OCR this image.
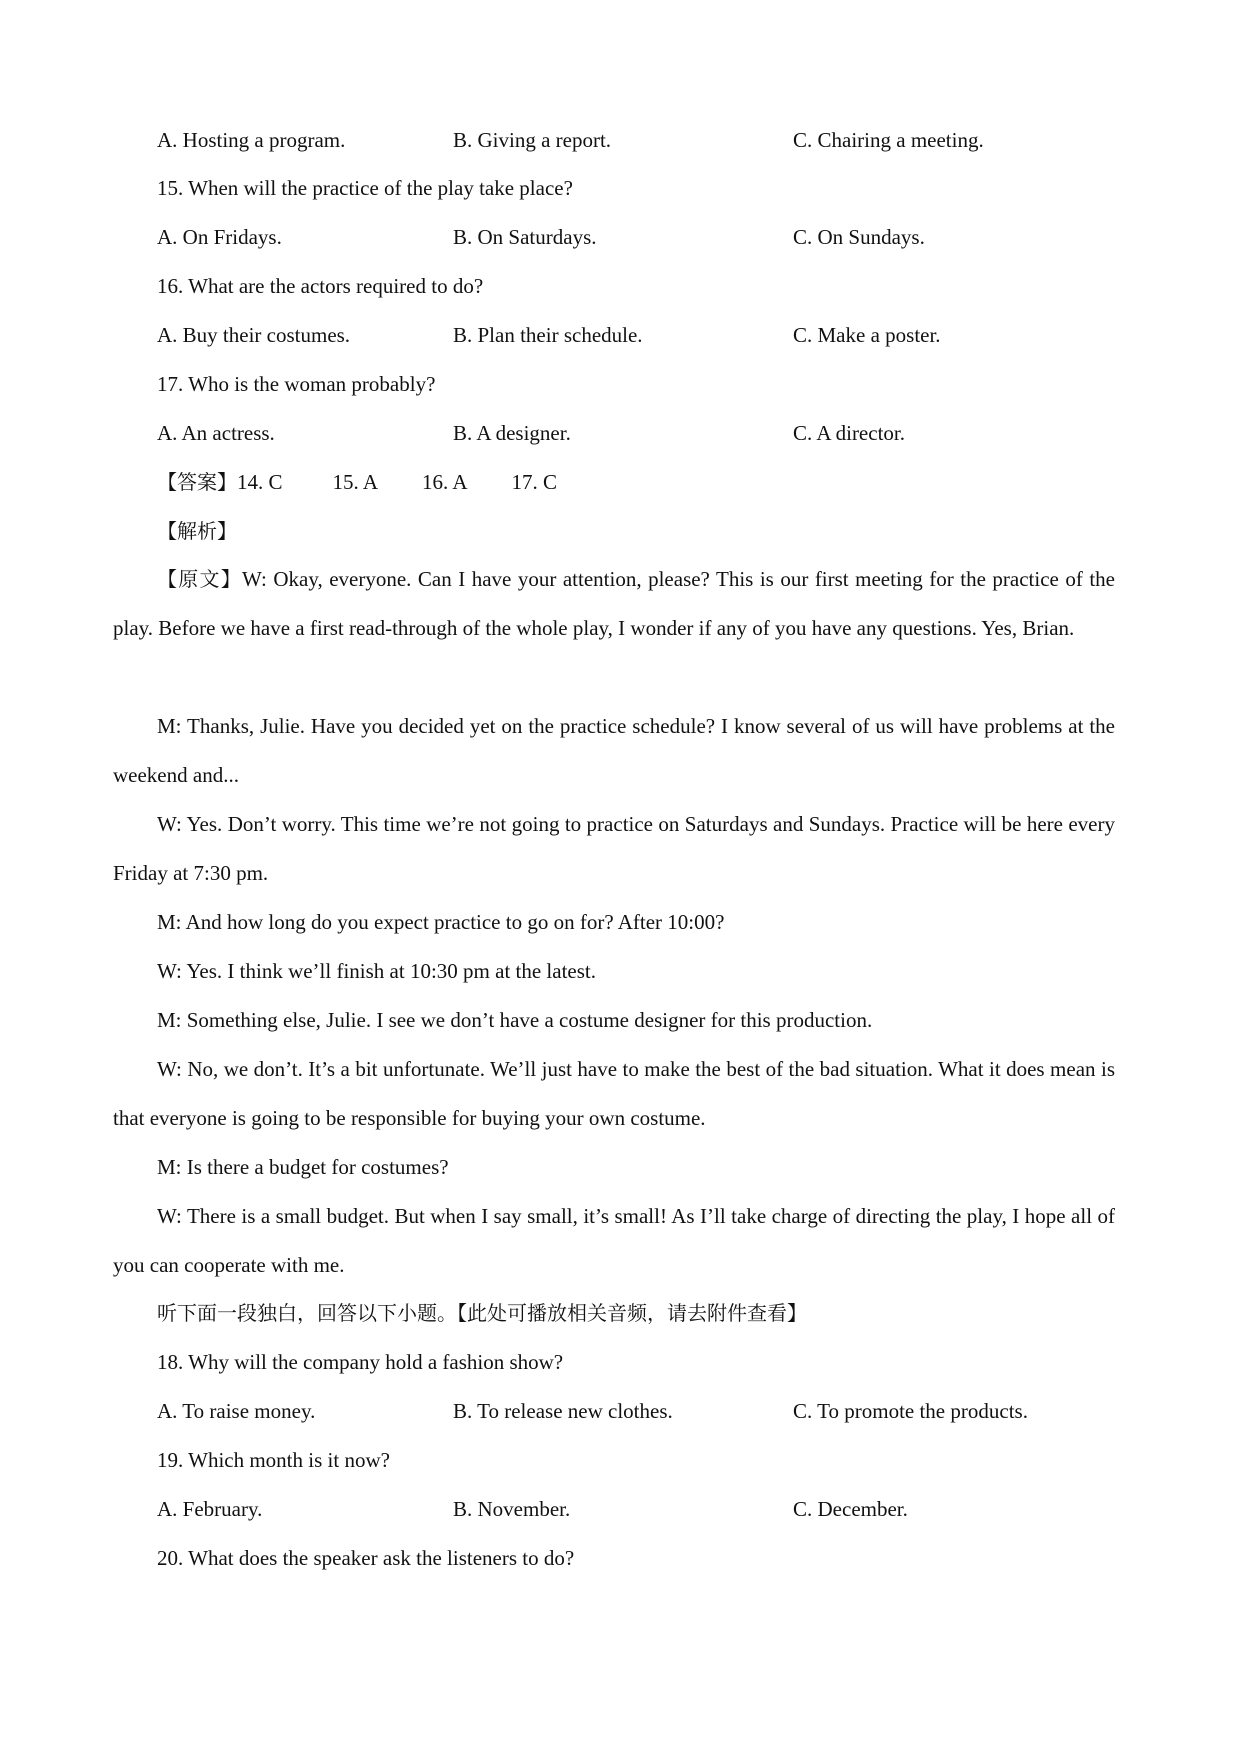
A. Hosting a program.	B. Giving a report.	C. Chairing a meeting.
15. When will the practice of the play take place?
A. On Fridays.	B. On Saturdays.	C. On Sundays.
16. What are the actors required to do?
A. Buy their costumes.	B. Plan their schedule.	C. Make a poster.
17. Who is the woman probably?
A. An actress.	B. A designer.	C. A director.
【答案】14. C 15. A 16. A 17. C
【解析】
【原文】W: Okay, everyone. Can I have your attention, please? This is our first meeting for the practice of the play. Before we have a first read-through of the whole play, I wonder if any of you have any questions. Yes, Brian.
M: Thanks, Julie. Have you decided yet on the practice schedule? I know several of us will have problems at the weekend and...
W: Yes. Don’t worry. This time we’re not going to practice on Saturdays and Sundays. Practice will be here every Friday at 7:30 pm.
M: And how long do you expect practice to go on for? After 10:00?
W: Yes. I think we’ll finish at 10:30 pm at the latest.
M: Something else, Julie. I see we don’t have a costume designer for this production.
W: No, we don’t. It’s a bit unfortunate. We’ll just have to make the best of the bad situation. What it does mean is that everyone is going to be responsible for buying your own costume.
M: Is there a budget for costumes?
W: There is a small budget. But when I say small, it’s small! As I’ll take charge of directing the play, I hope all of you can cooperate with me.
听下面一段独白，回答以下小题。【此处可播放相关音频，请去附件查看】
18. Why will the company hold a fashion show?
A. To raise money.	B. To release new clothes.	C. To promote the products.
19. Which month is it now?
A. February.	B. November.	C. December.
20. What does the speaker ask the listeners to do?
